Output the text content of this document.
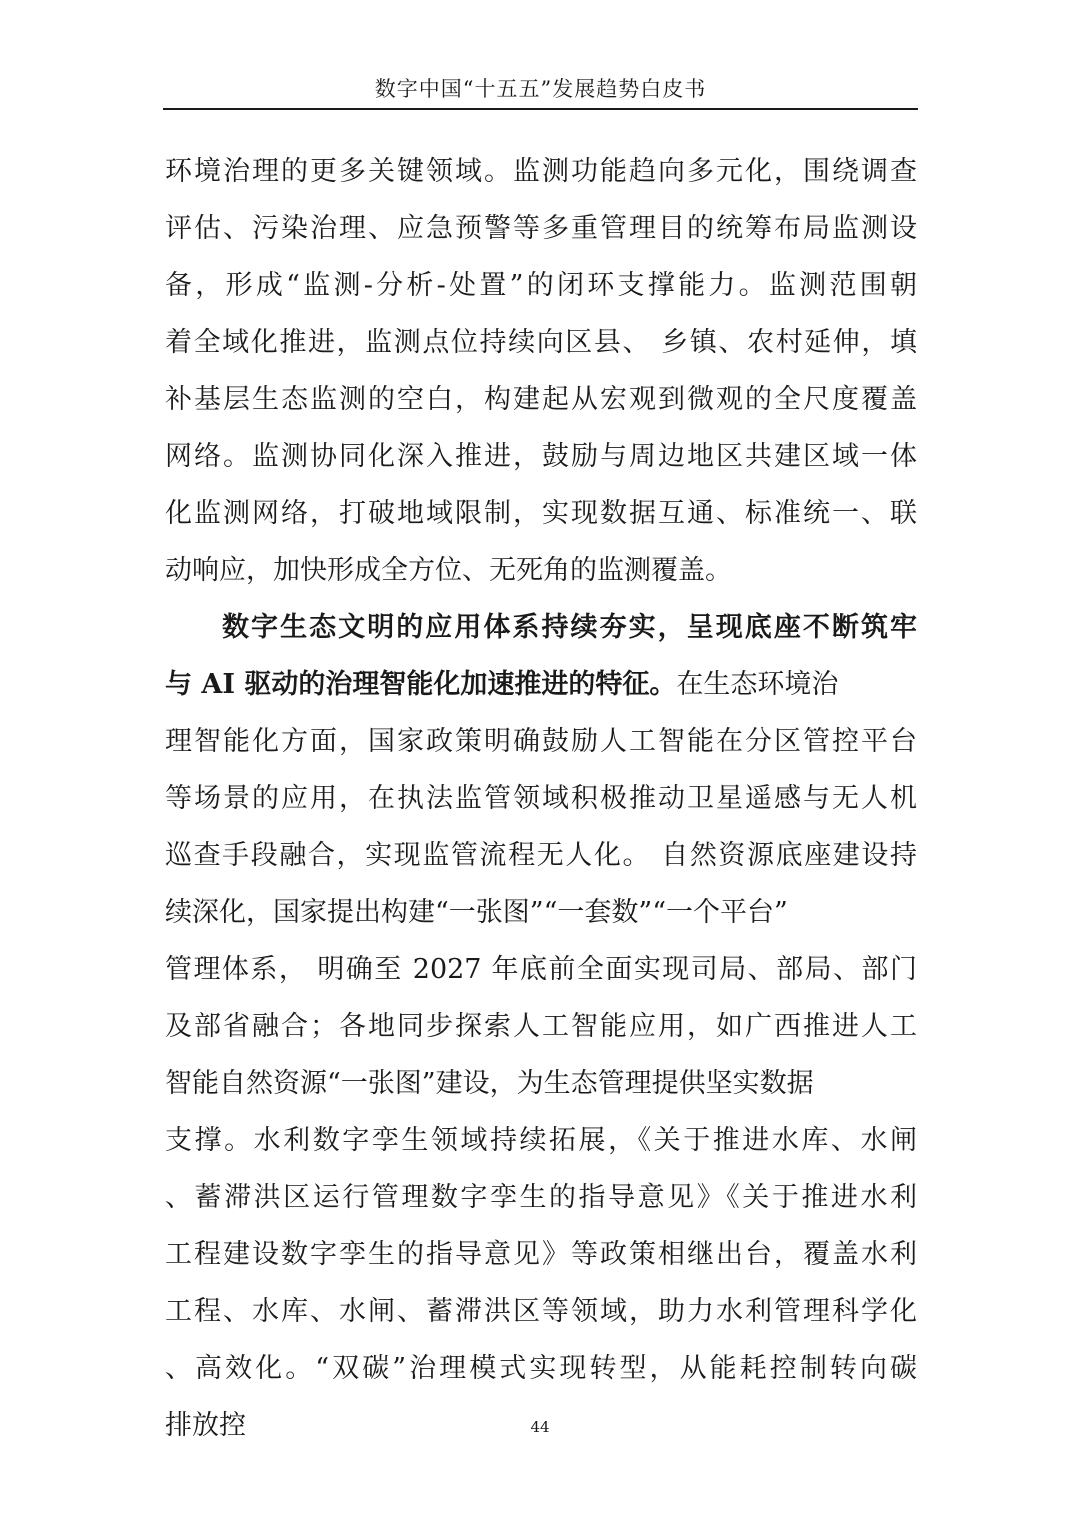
数字中国“十五五”发展趋势白皮书
环境治理的更多关键领域。监测功能趋向多元化，围绕调查
评估、污染治理、应急预警等多重管理目的统筹布局监测设
备，形成“监测-分析-处置”的闭环支撑能力。监测范围朝
着全域化推进，监测点位持续向区县、 乡镇、农村延伸，填
补基层生态监测的空白，构建起从宏观到微观的全尺度覆盖
网络。监测协同化深入推进，鼓励与周边地区共建区域一体
化监测网络，打破地域限制，实现数据互通、标准统一、联
动响应，加快形成全方位、无死角的监测覆盖。
数字生态文明的应用体系持续夯实，呈现底座不断筑牢
与 AI 驱动的治理智能化加速推进的特征。在生态环境治
理智能化方面，国家政策明确鼓励人工智能在分区管控平台
等场景的应用，在执法监管领域积极推动卫星遥感与无人机
巡查手段融合，实现监管流程无人化。 自然资源底座建设持
续深化，国家提出构建“一张图”“一套数”“一个平台”
管理体系， 明确至 2027 年底前全面实现司局、部局、部门
及部省融合；各地同步探索人工智能应用，如广西推进人工
智能自然资源“一张图”建设，为生态管理提供坚实数据
支撑。水利数字孪生领域持续拓展，《关于推进水库、水闸
、蓄滞洪区运行管理数字孪生的指导意见》《关于推进水利
工程建设数字孪生的指导意见》等政策相继出台，覆盖水利
工程、水库、水闸、蓄滞洪区等领域，助力水利管理科学化
、高效化。“双碳”治理模式实现转型，从能耗控制转向碳
排放控	44
